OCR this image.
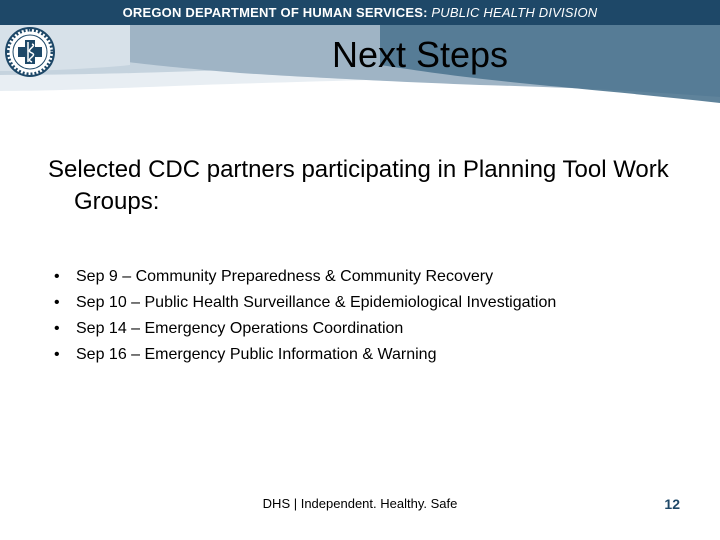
OREGON DEPARTMENT OF HUMAN SERVICES: PUBLIC HEALTH DIVISION
Next Steps

Selected CDC partners participating in Planning Tool Work Groups:

• Sep 9 – Community Preparedness & Community Recovery
• Sep 10 – Public Health Surveillance & Epidemiological Investigation
• Sep 14 – Emergency Operations Coordination
• Sep 16 – Emergency Public Information & Warning
DHS | Independent. Healthy. Safe	12
